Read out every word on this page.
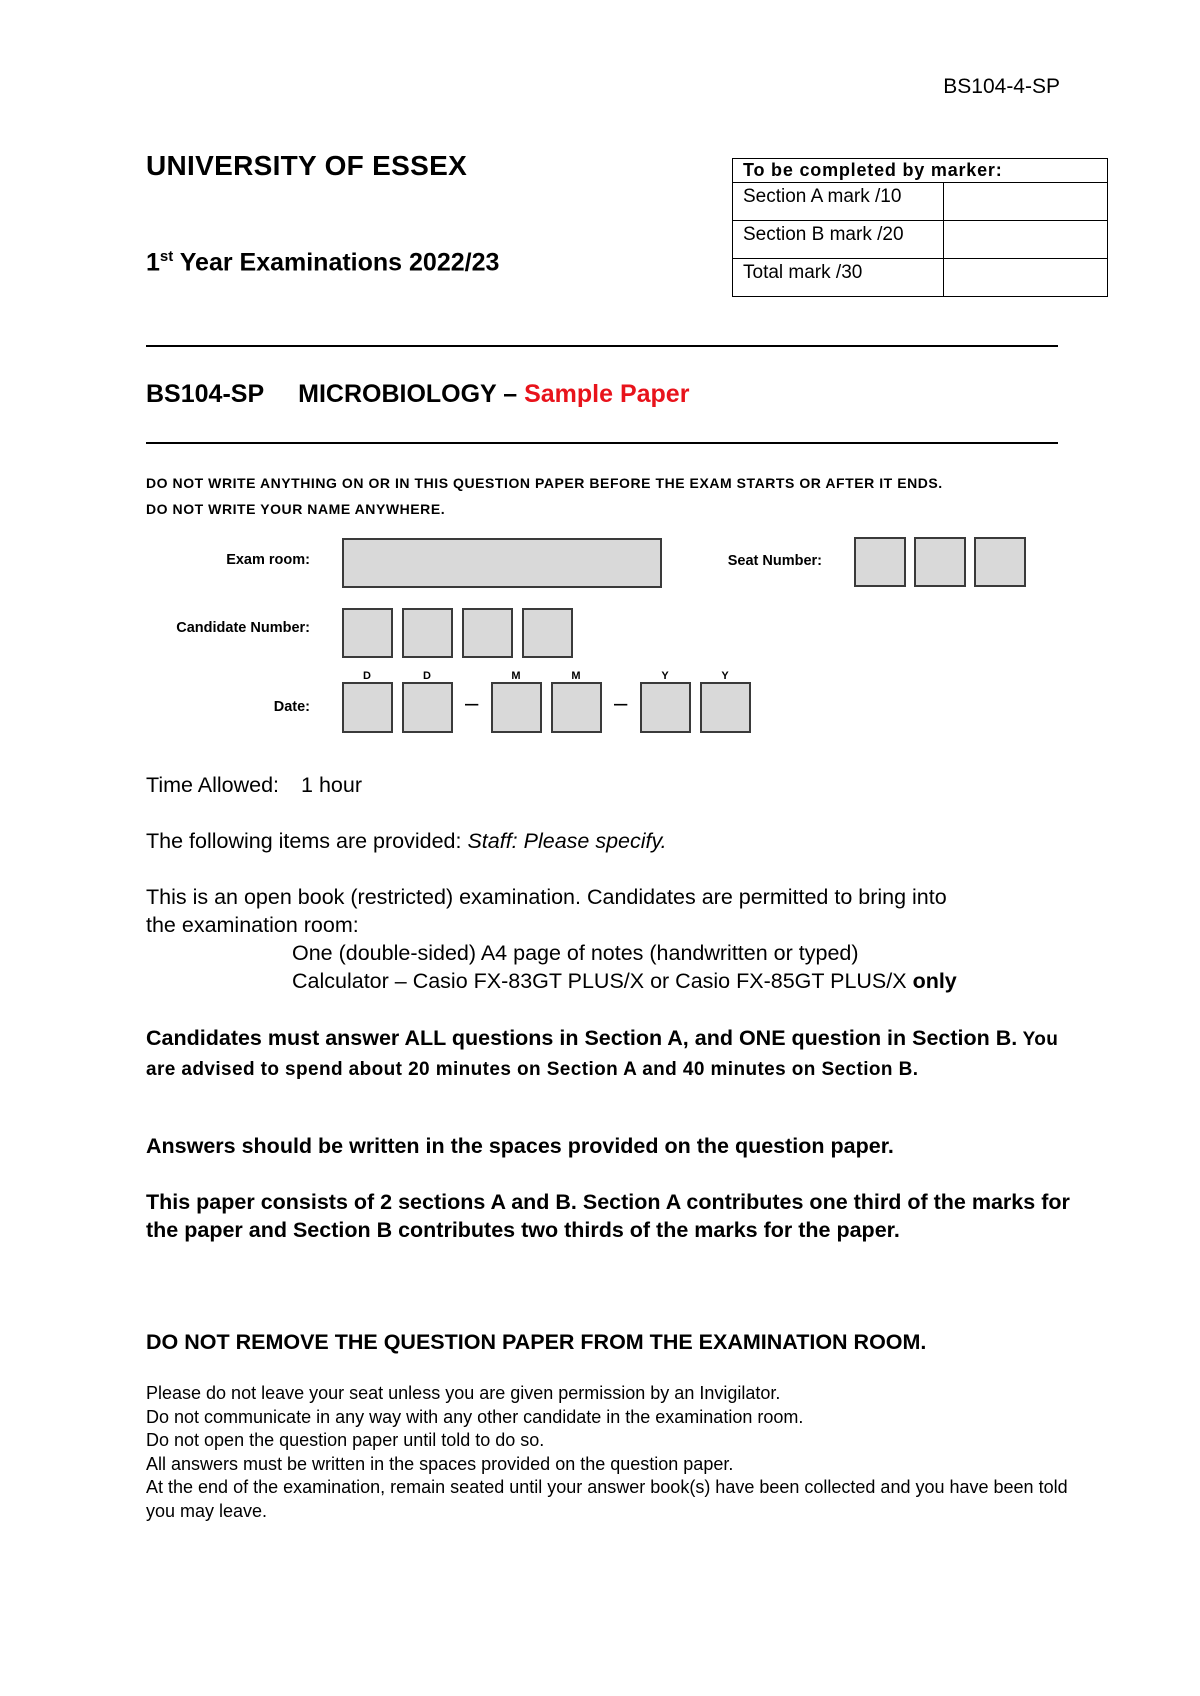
BS104-4-SP
UNIVERSITY OF ESSEX
1st Year Examinations 2022/23
To be completed by marker:	
Section A mark /10	
Section B mark /20	
Total mark /30	
BS104-SP MICROBIOLOGY – Sample Paper
DO NOT WRITE ANYTHING ON OR IN THIS QUESTION PAPER BEFORE THE EXAM STARTS OR AFTER IT ENDS.
DO NOT WRITE YOUR NAME ANYWHERE.
Exam room:	Seat Number:
Candidate Number:
D	D	M	M	Y	Y
Date:	–	–
Time Allowed: 1 hour
The following items are provided: Staff: Please specify.
This is an open book (restricted) examination. Candidates are permitted to bring into
the examination room:
One (double-sided) A4 page of notes (handwritten or typed)
Calculator – Casio FX-83GT PLUS/X or Casio FX-85GT PLUS/X only
Candidates must answer ALL questions in Section A, and ONE question in Section B. You are advised to spend about 20 minutes on Section A and 40 minutes on Section B.
Answers should be written in the spaces provided on the question paper.
This paper consists of 2 sections A and B. Section A contributes one third of the marks for the paper and Section B contributes two thirds of the marks for the paper.
DO NOT REMOVE THE QUESTION PAPER FROM THE EXAMINATION ROOM.
Please do not leave your seat unless you are given permission by an Invigilator.
Do not communicate in any way with any other candidate in the examination room.
Do not open the question paper until told to do so.
All answers must be written in the spaces provided on the question paper.
At the end of the examination, remain seated until your answer book(s) have been collected and you have been told you may leave.
